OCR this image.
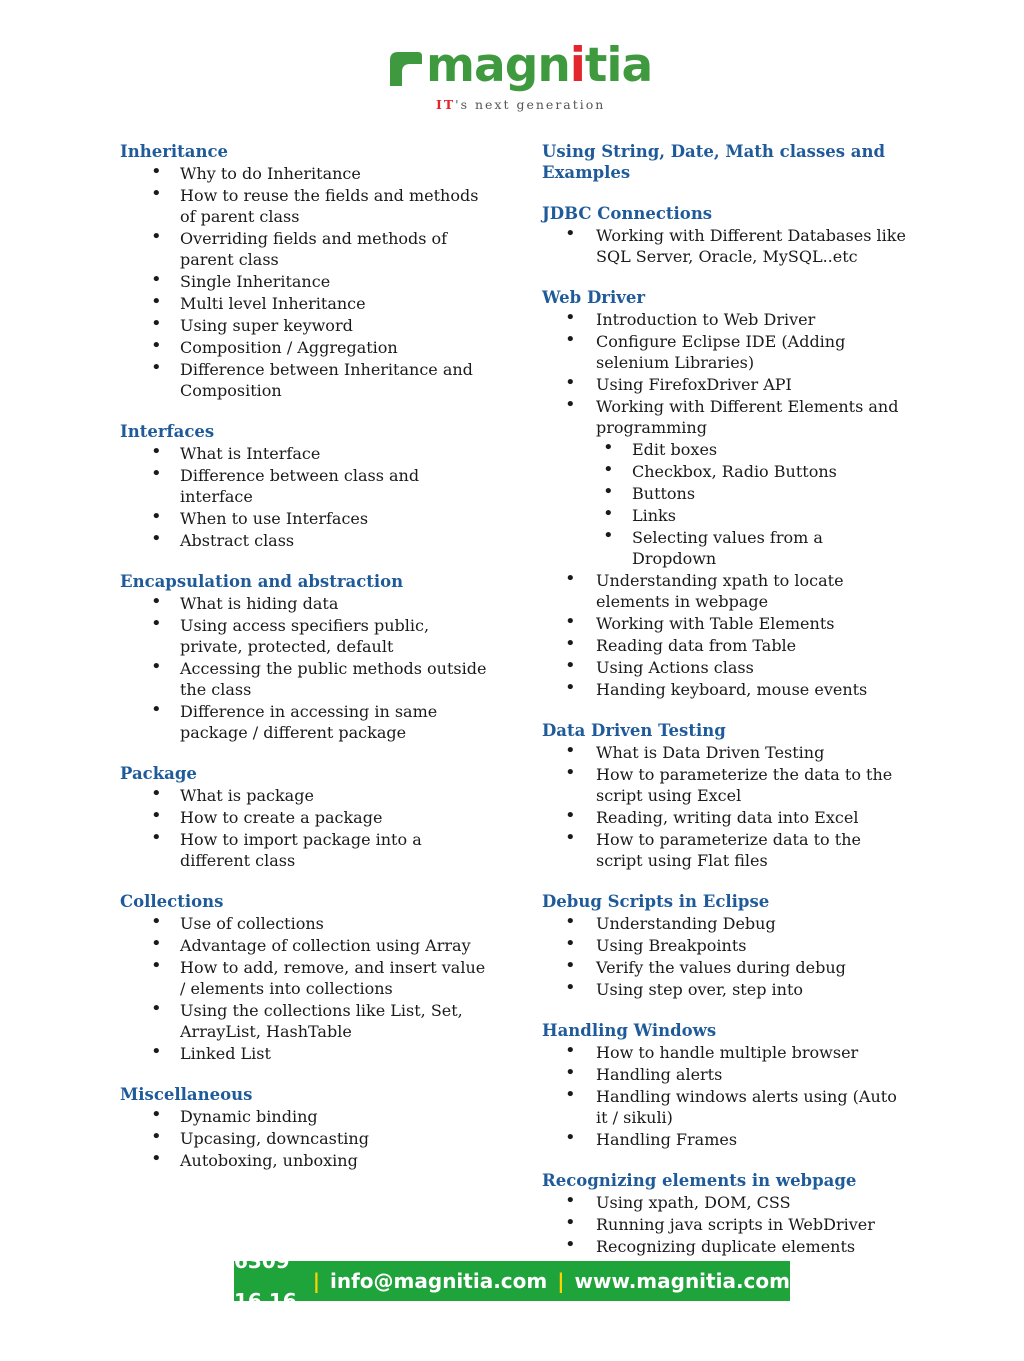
magnitia
IT's next generation
Inheritance
• Why to do Inheritance
• How to reuse the fields and methods of parent class
• Overriding fields and methods of parent class
• Single Inheritance
• Multi level Inheritance
• Using super keyword
• Composition / Aggregation
• Difference between Inheritance and Composition
Interfaces
• What is Interface
• Difference between class and interface
• When to use Interfaces
• Abstract class
Encapsulation and abstraction
• What is hiding data
• Using access specifiers public, private, protected, default
• Accessing the public methods outside the class
• Difference in accessing in same package / different package
Package
• What is package
• How to create a package
• How to import package into a different class
Collections
• Use of collections
• Advantage of collection using Array
• How to add, remove, and insert value / elements into collections
• Using the collections like List, Set, ArrayList, HashTable
• Linked List
Miscellaneous
• Dynamic binding
• Upcasing, downcasting
• Autoboxing, unboxing
Using String, Date, Math classes and Examples
JDBC Connections
• Working with Different Databases like SQL Server, Oracle, MySQL..etc
Web Driver
• Introduction to Web Driver
• Configure Eclipse IDE (Adding selenium Libraries)
• Using FirefoxDriver API
• Working with Different Elements and programming
• Edit boxes
• Checkbox, Radio Buttons
• Buttons
• Links
• Selecting values from a Dropdown
• Understanding xpath to locate elements in webpage
• Working with Table Elements
• Reading data from Table
• Using Actions class
• Handing keyboard, mouse events
Data Driven Testing
• What is Data Driven Testing
• How to parameterize the data to the script using Excel
• Reading, writing data into Excel
• How to parameterize data to the script using Flat files
Debug Scripts in Eclipse
• Understanding Debug
• Using Breakpoints
• Verify the values during debug
• Using step over, step into
Handling Windows
• How to handle multiple browser
• Handling alerts
• Handling windows alerts using (Auto it / sikuli)
• Handling Frames
Recognizing elements in webpage
• Using xpath, DOM, CSS
• Running java scripts in WebDriver
• Recognizing duplicate elements
+91 6309 16 16 16
| info@magnitia.com | www.magnitia.com
